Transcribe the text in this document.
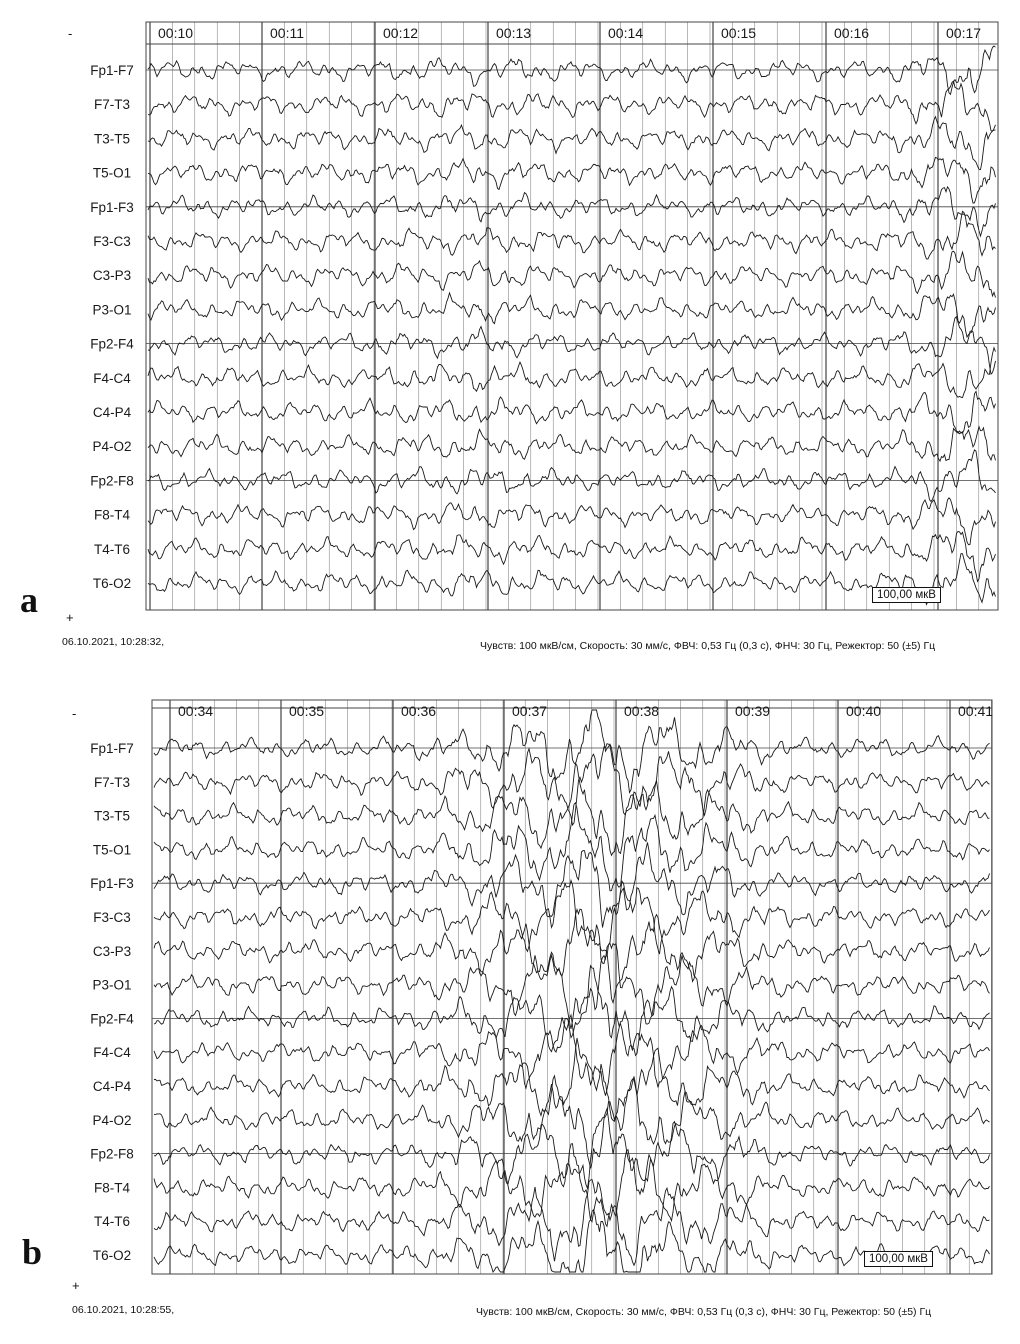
00:10	00:11	00:12	00:13	00:14	00:15	00:16	00:17
Fp1-F7
F7-T3
T3-T5
T5-O1
Fp1-F3
F3-C3
C3-P3
P3-O1
Fp2-F4
F4-C4
C4-P4
P4-O2
Fp2-F8
F8-T4
T4-T6
T6-O2
a
-
+
100,00 мкВ
06.10.2021, 10:28:32,	Чувств: 100 мкВ/см, Скорость: 30 мм/с, ФВЧ: 0,53 Гц (0,3 с), ФНЧ: 30 Гц, Режектор: 50 (±5) Гц
00:34	00:35	00:36	00:37	00:38	00:39	00:40	00:41
Fp1-F7
F7-T3
T3-T5
T5-O1
Fp1-F3
F3-C3
C3-P3
P3-O1
Fp2-F4
F4-C4
C4-P4
P4-O2
Fp2-F8
F8-T4
T4-T6
T6-O2
b
-
+
100,00 мкВ
06.10.2021, 10:28:55,	Чувств: 100 мкВ/см, Скорость: 30 мм/с, ФВЧ: 0,53 Гц (0,3 с), ФНЧ: 30 Гц, Режектор: 50 (±5) Гц
